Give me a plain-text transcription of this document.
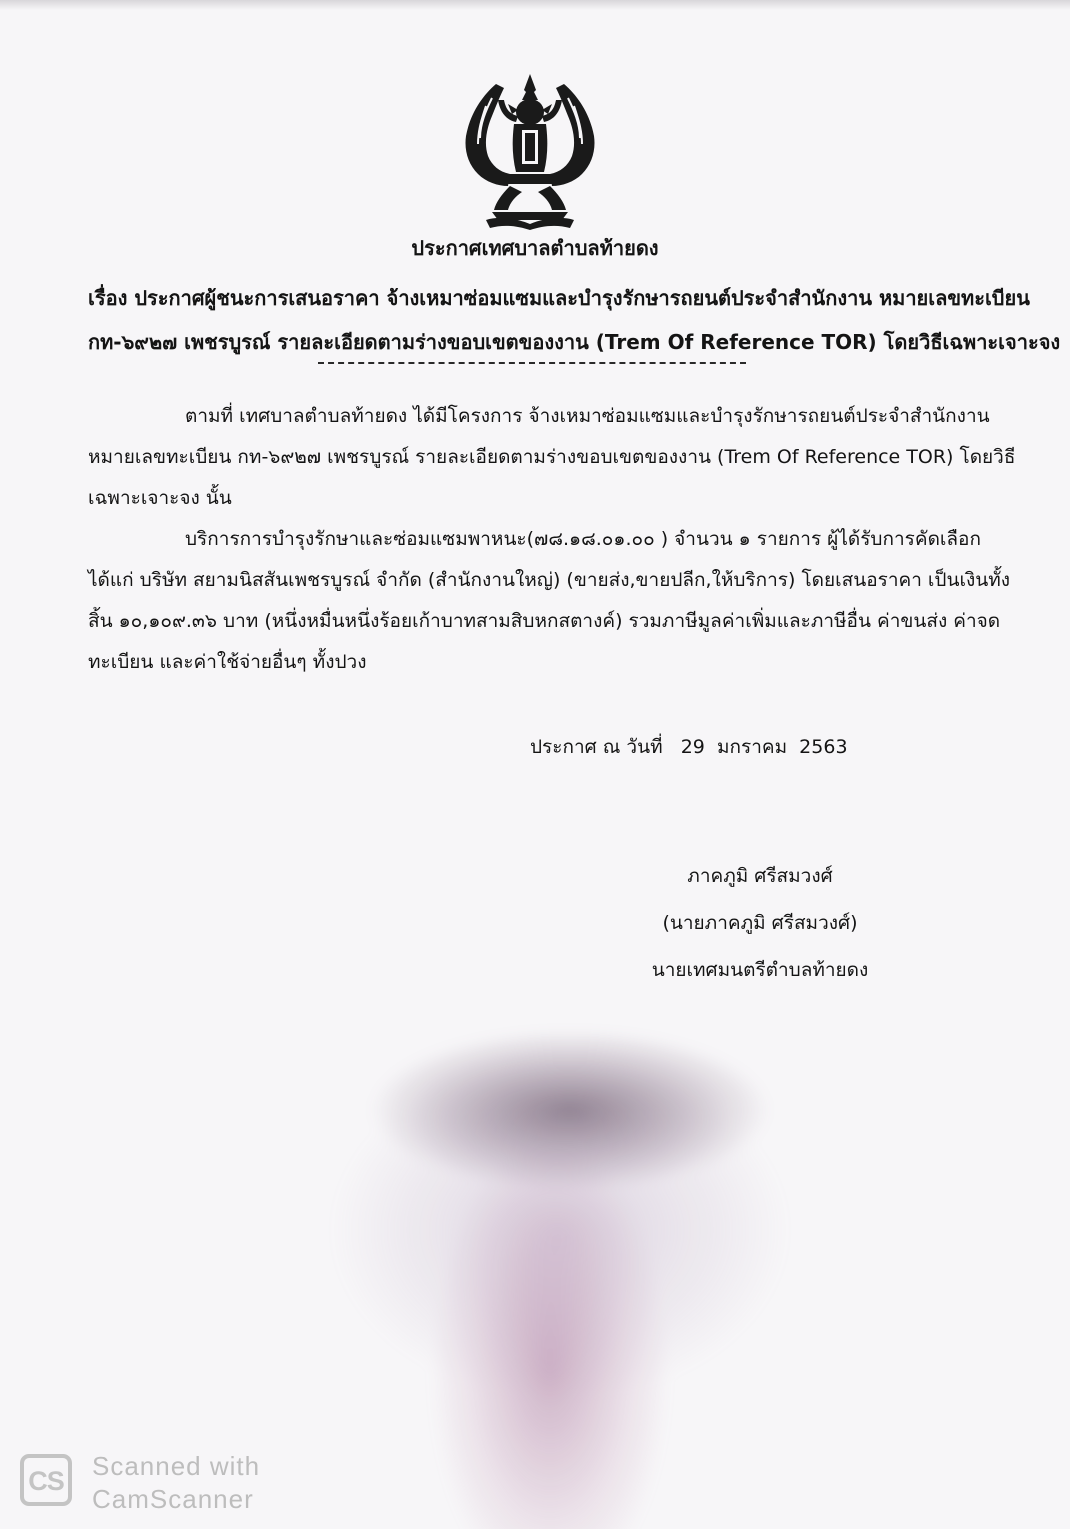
ประกาศเทศบาลตำบลท้ายดง

เรื่อง ประกาศผู้ชนะการเสนอราคา จ้างเหมาซ่อมแซมและบำรุงรักษารถยนต์ประจำสำนักงาน หมายเลขทะเบียน
กท-๖๙๒๗ เพชรบูรณ์ รายละเอียดตามร่างขอบเขตของงาน (Trem Of Reference TOR) โดยวิธีเฉพาะเจาะจง

ตามที่ เทศบาลตำบลท้ายดง ได้มีโครงการ จ้างเหมาซ่อมแซมและบำรุงรักษารถยนต์ประจำสำนักงาน
หมายเลขทะเบียน กท-๖๙๒๗ เพชรบูรณ์ รายละเอียดตามร่างขอบเขตของงาน (Trem Of Reference TOR) โดยวิธี
เฉพาะเจาะจง นั้น

บริการการบำรุงรักษาและซ่อมแซมพาหนะ(๗๘.๑๘.๐๑.๐๐ ) จำนวน ๑ รายการ ผู้ได้รับการคัดเลือก
ได้แก่ บริษัท สยามนิสสันเพชรบูรณ์ จำกัด (สำนักงานใหญ่) (ขายส่ง,ขายปลีก,ให้บริการ) โดยเสนอราคา เป็นเงินทั้ง
สิ้น ๑๐,๑๐๙.๓๖ บาท (หนึ่งหมื่นหนึ่งร้อยเก้าบาทสามสิบหกสตางค์) รวมภาษีมูลค่าเพิ่มและภาษีอื่น ค่าขนส่ง ค่าจด
ทะเบียน และค่าใช้จ่ายอื่นๆ ทั้งปวง

ประกาศ ณ วันที่   29  มกราคม  2563
ภาคภูมิ ศรีสมวงศ์
(นายภาคภูมิ ศรีสมวงศ์)
นายเทศมนตรีตำบลท้ายดง
CS Scanned with
CamScanner
